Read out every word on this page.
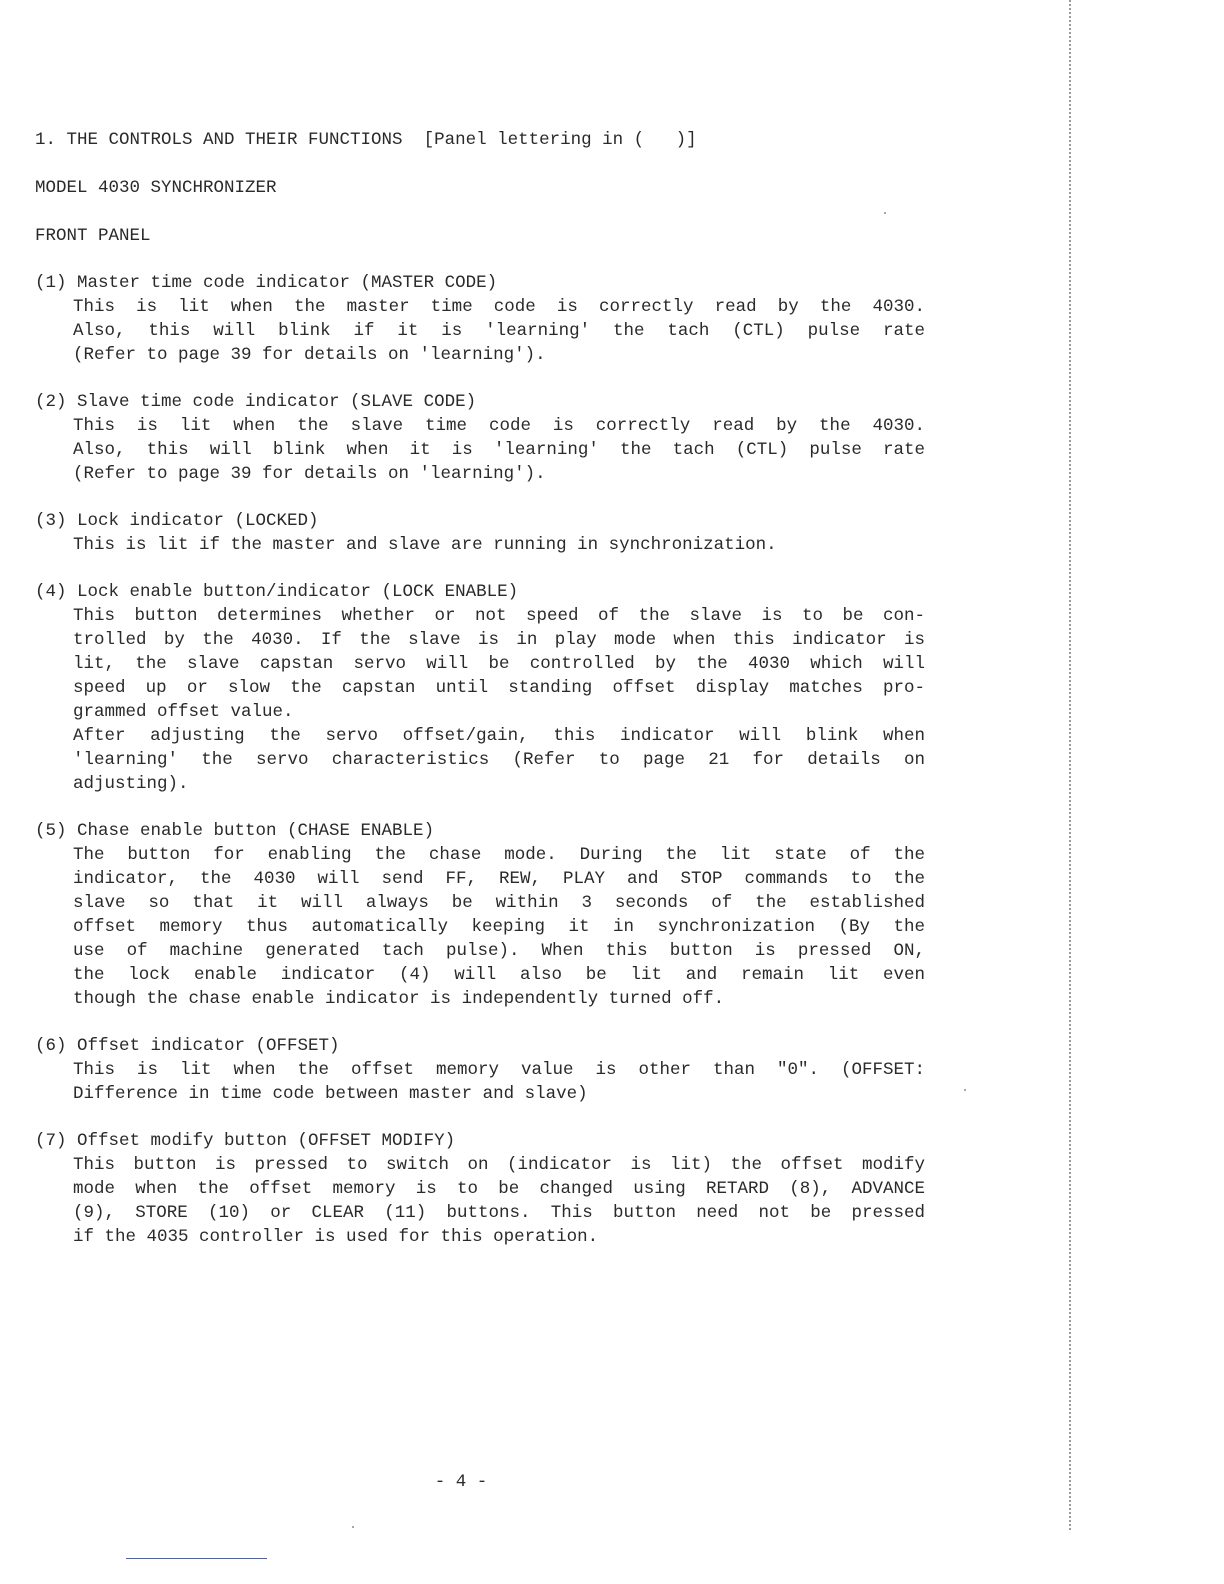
1. THE CONTROLS AND THEIR FUNCTIONS  [Panel lettering in (   )]
MODEL 4030 SYNCHRONIZER
FRONT PANEL
(1) Master time code indicator (MASTER CODE)
This is lit when the master time code is correctly read by the 4030.
Also, this will blink if it is 'learning' the tach (CTL) pulse rate
(Refer to page 39 for details on 'learning').
(2) Slave time code indicator (SLAVE CODE)
This is lit when the slave time code is correctly read by the 4030.
Also, this will blink when it is 'learning' the tach (CTL) pulse rate
(Refer to page 39 for details on 'learning').
(3) Lock indicator (LOCKED)
This is lit if the master and slave are running in synchronization.
(4) Lock enable button/indicator (LOCK ENABLE)
This button determines whether or not speed of the slave is to be con-
trolled by the 4030. If the slave is in play mode when this indicator is
lit, the slave capstan servo will be controlled by the 4030 which will
speed up or slow the capstan until standing offset display matches pro-
grammed offset value.
After adjusting the servo offset/gain, this indicator will blink when
'learning' the servo characteristics (Refer to page 21 for details on
adjusting).
(5) Chase enable button (CHASE ENABLE)
The button for enabling the chase mode. During the lit state of the
indicator, the 4030 will send FF, REW, PLAY and STOP commands to the
slave so that it will always be within 3 seconds of the established
offset memory thus automatically keeping it in synchronization (By the
use of machine generated tach pulse). When this button is pressed ON,
the lock enable indicator (4) will also be lit and remain lit even
though the chase enable indicator is independently turned off.
(6) Offset indicator (OFFSET)
This is lit when the offset memory value is other than "0". (OFFSET:
Difference in time code between master and slave)
(7) Offset modify button (OFFSET MODIFY)
This button is pressed to switch on (indicator is lit) the offset modify
mode when the offset memory is to be changed using RETARD (8), ADVANCE
(9), STORE (10) or CLEAR (11) buttons. This button need not be pressed
if the 4035 controller is used for this operation.
- 4 -
